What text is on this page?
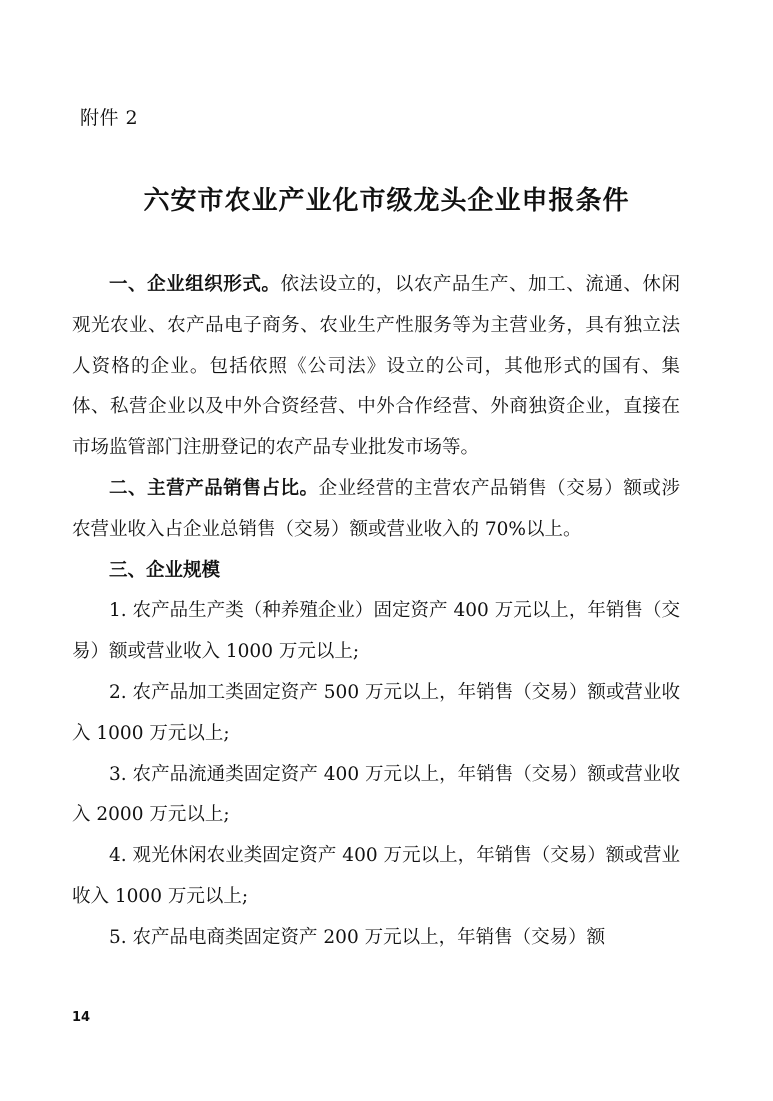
附件 2
六安市农业产业化市级龙头企业申报条件

一、企业组织形式。依法设立的，以农产品生产、加工、流通、休闲观光农业、农产品电子商务、农业生产性服务等为主营业务，具有独立法人资格的企业。包括依照《公司法》设立的公司，其他形式的国有、集体、私营企业以及中外合资经营、中外合作经营、外商独资企业，直接在市场监管部门注册登记的农产品专业批发市场等。

二、主营产品销售占比。企业经营的主营农产品销售（交易）额或涉农营业收入占企业总销售（交易）额或营业收入的 70%以上。

三、企业规模

1. 农产品生产类（种养殖企业）固定资产 400 万元以上，年销售（交易）额或营业收入 1000 万元以上;

2. 农产品加工类固定资产 500 万元以上，年销售（交易）额或营业收入 1000 万元以上;

3. 农产品流通类固定资产 400 万元以上，年销售（交易）额或营业收入 2000 万元以上;

4. 观光休闲农业类固定资产 400 万元以上，年销售（交易）额或营业收入 1000 万元以上;

5. 农产品电商类固定资产 200 万元以上，年销售（交易）额

14
